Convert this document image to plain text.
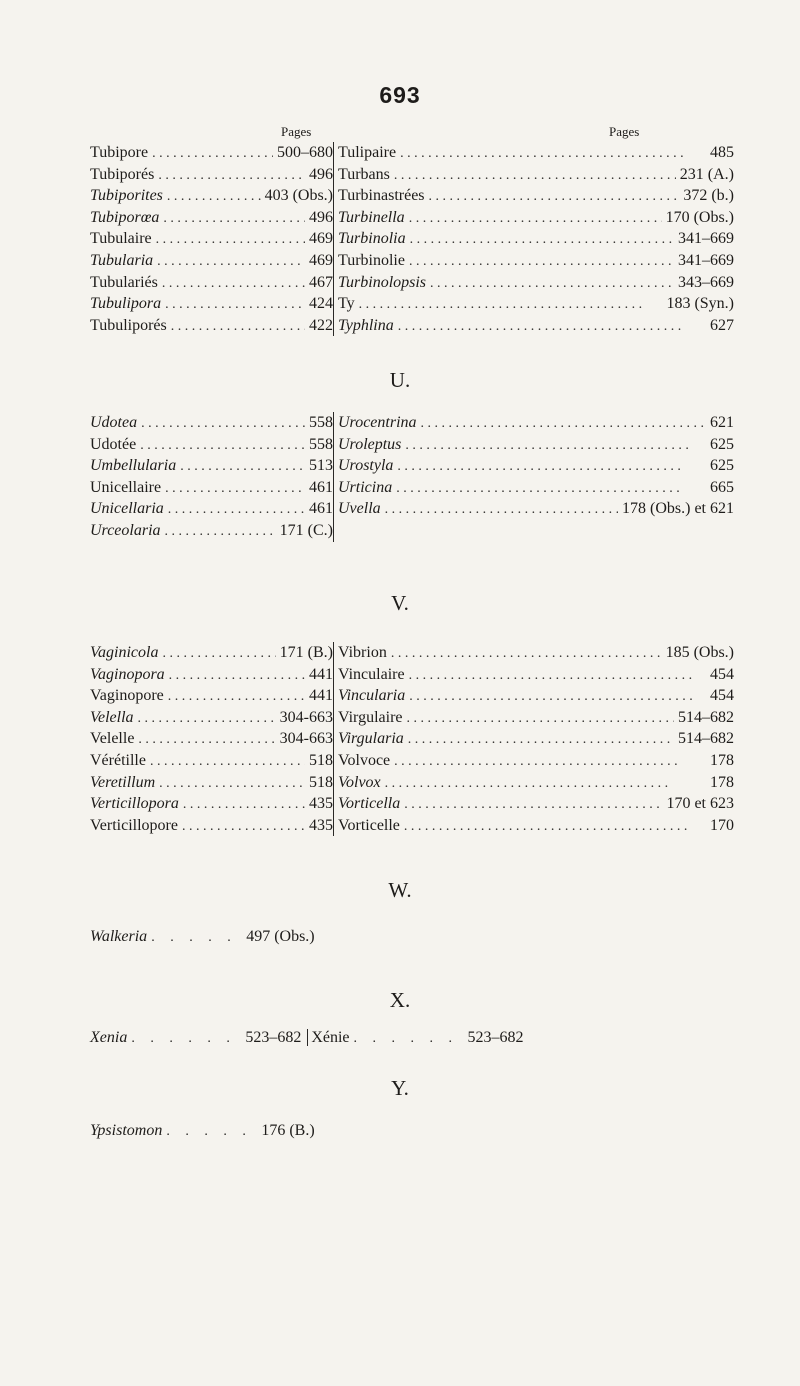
693
Pages	Pages
Tubipore . . .	500–680 Tulipaire . . .	485
Tubiporés . . .	496 Turbans . . .	231 (A.)
Tubiporites . . .	403 (Obs.) Turbinastrées . . .	372 (b.)
Tubiporœa . . .	496 Turbinella . . .	170 (Obs.)
Tubulaire . . .	469 Turbinolia . . .	341–669
Tubularia . . .	469 Turbinolie . . .	341–669
Tubulariés . . .	467 Turbinolopsis . . .	343–669
Tubulipora . . .	424 Ty . . .	183 (Syn.)
Tubuliporés . . .	422 Typhlina . . .	627
U.
Udotea . . .	558 Urocentrina . . .	621
Udotée . . .	558 Uroleptus . . .	625
Umbellularia . . .	513 Urostyla . . .	625
Unicellaire . . .	461 Urticina . . .	665
Unicellaria . . .	461 Uvella . . .	178 (Obs.) et 621
Urceolaria . . .	171 (C.)
V.
Vaginicola . . .	171 (B.) Vibrion . . .	185 (Obs.)
Vaginopora . . .	441 Vinculaire . . .	454
Vaginopore . . .	441 Vincularia . . .	454
Velella . . .	304-663 Virgulaire . . .	514–682
Velelle . . .	304-663 Virgularia . . .	514–682
Vérétille . . .	518 Volvoce . . .	178
Veretillum . . .	518 Volvox . . .	178
Verticillopora . . .	435 Vorticella . . .	170 et 623
Verticillopore . . .	435 Vorticelle . . .	170
W.
Walkeria . . . . . 497 (Obs.)
X.
Xenia . . . . . . 523–682 Xénie . . . . . . 523–682
Y.
Ypsistomon . . . . . 176 (B.)
